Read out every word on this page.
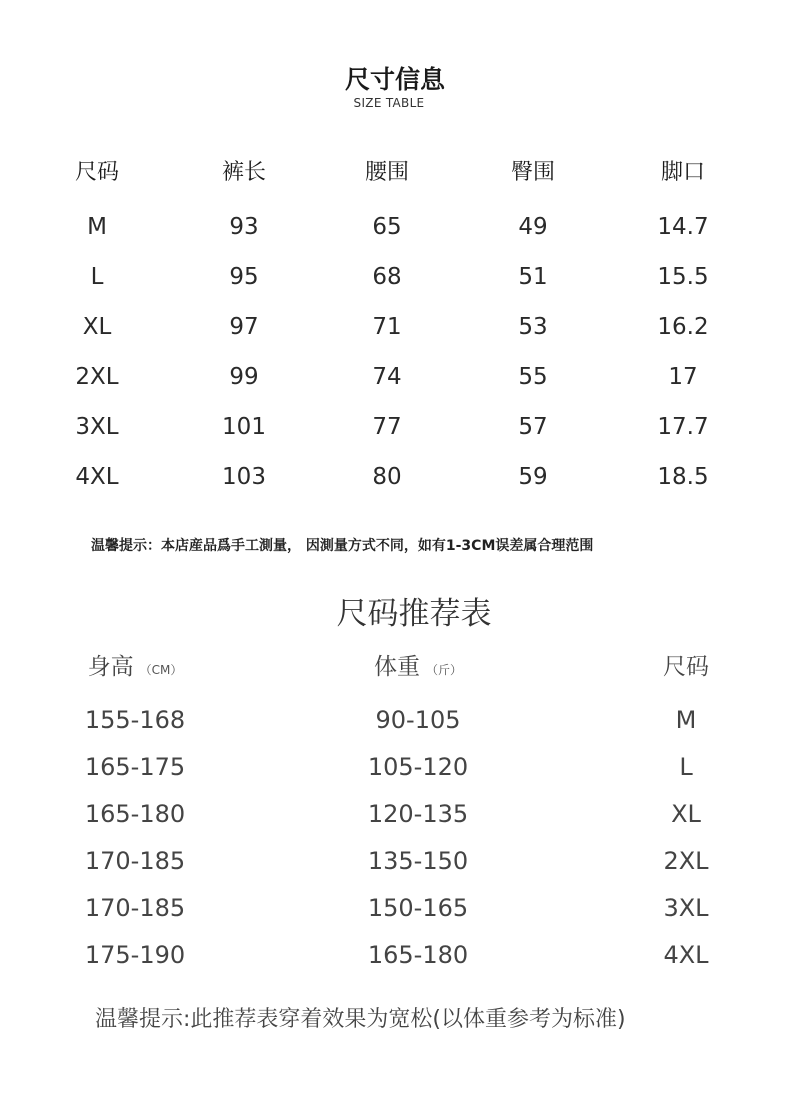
尺寸信息
SIZE TABLE
尺码	裤长	腰围	臀围	脚口
M	93	65	49	14.7
L	95	68	51	15.5
XL	97	71	53	16.2
2XL	99	74	55	17
3XL	101	77	57	17.7
4XL	103	80	59	18.5
温馨提示：本店産品爲手工測量， 因測量方式不同，如有1-3CM误差属合理范围
尺码推荐表
身高 （CM）	体重 （斤）	尺码
155-168	90-105	M
165-175	105-120	L
165-180	120-135	XL
170-185	135-150	2XL
170-185	150-165	3XL
175-190	165-180	4XL
温馨提示:此推荐表穿着效果为宽松(以体重参考为标准)
